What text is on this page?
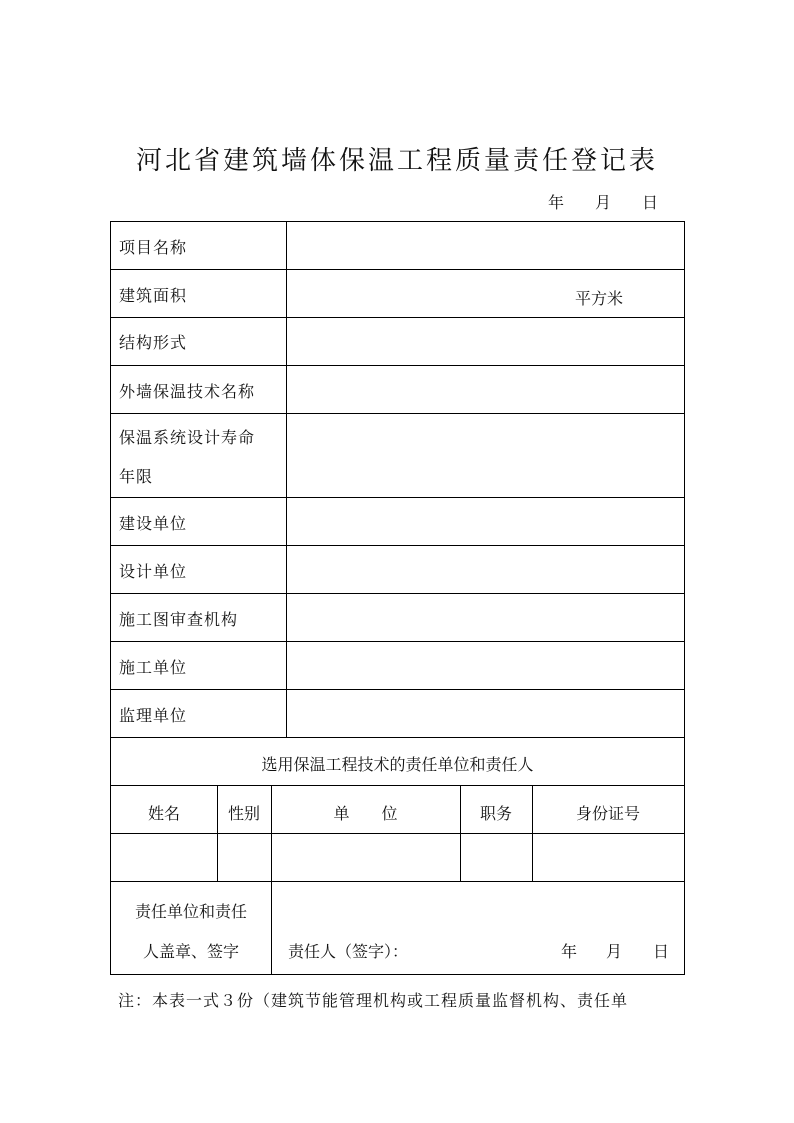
河北省建筑墙体保温工程质量责任登记表
年 月 日
项目名称
建筑面积	平方米
结构形式
外墙保温技术名称
保温系统设计寿命
年限
建设单位
设计单位
施工图审查机构
施工单位
监理单位
选用保温工程技术的责任单位和责任人
姓名	性别	单　　位	职务	身份证号
责任单位和责任
人盖章、签字	责任人（签字）：	年 月 日
注：本表一式３份（建筑节能管理机构或工程质量监督机构、责任单
